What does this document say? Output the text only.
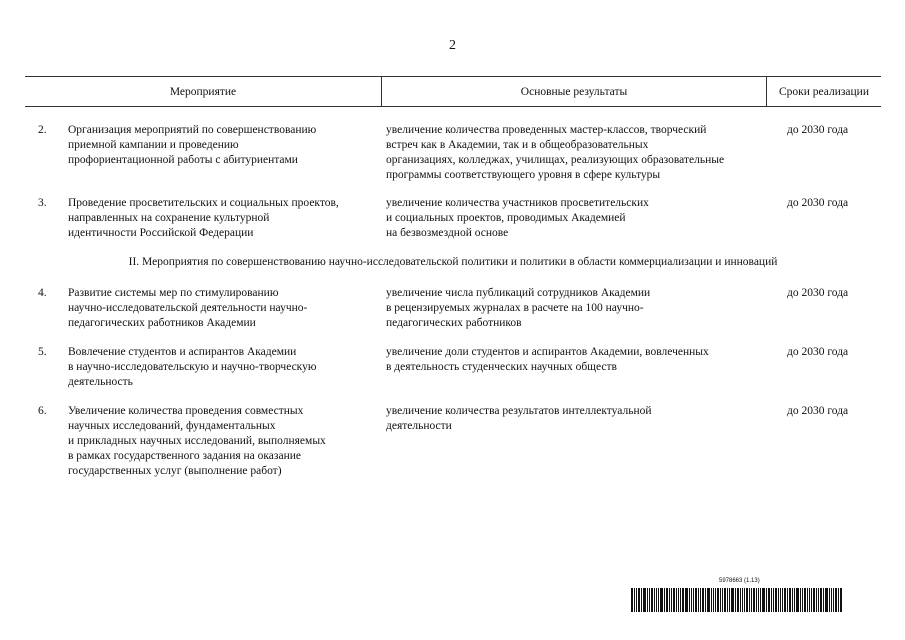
2
Мероприятие	Основные результаты	Сроки реализации
2. Организация мероприятий по совершенствованию
приемной кампании и проведению
профориентационной работы с абитуриентами
увеличение количества проведенных мастер-классов, творческий
встреч как в Академии, так и в общеобразовательных
организациях, колледжах, училищах, реализующих образовательные
программы соответствующего уровня в сфере культуры
до 2030 года
3. Проведение просветительских и социальных проектов,
направленных на сохранение культурной
идентичности Российской Федерации
увеличение количества участников просветительских
и социальных проектов, проводимых Академией
на безвозмездной основе
до 2030 года
II. Мероприятия по совершенствованию научно-исследовательской политики и политики в области коммерциализации и инноваций
4. Развитие системы мер по стимулированию
научно-исследовательской деятельности научно-
педагогических работников Академии
увеличение числа публикаций сотрудников Академии
в рецензируемых журналах в расчете на 100 научно-
педагогических работников
до 2030 года
5. Вовлечение студентов и аспирантов Академии
в научно-исследовательскую и научно-творческую
деятельность
увеличение доли студентов и аспирантов Академии, вовлеченных
в деятельность студенческих научных обществ
до 2030 года
6. Увеличение количества проведения совместных
научных исследований, фундаментальных
и прикладных научных исследований, выполняемых
в рамках государственного задания на оказание
государственных услуг (выполнение работ)
увеличение количества результатов интеллектуальной
деятельности
до 2030 года
5978663 (1.13)
